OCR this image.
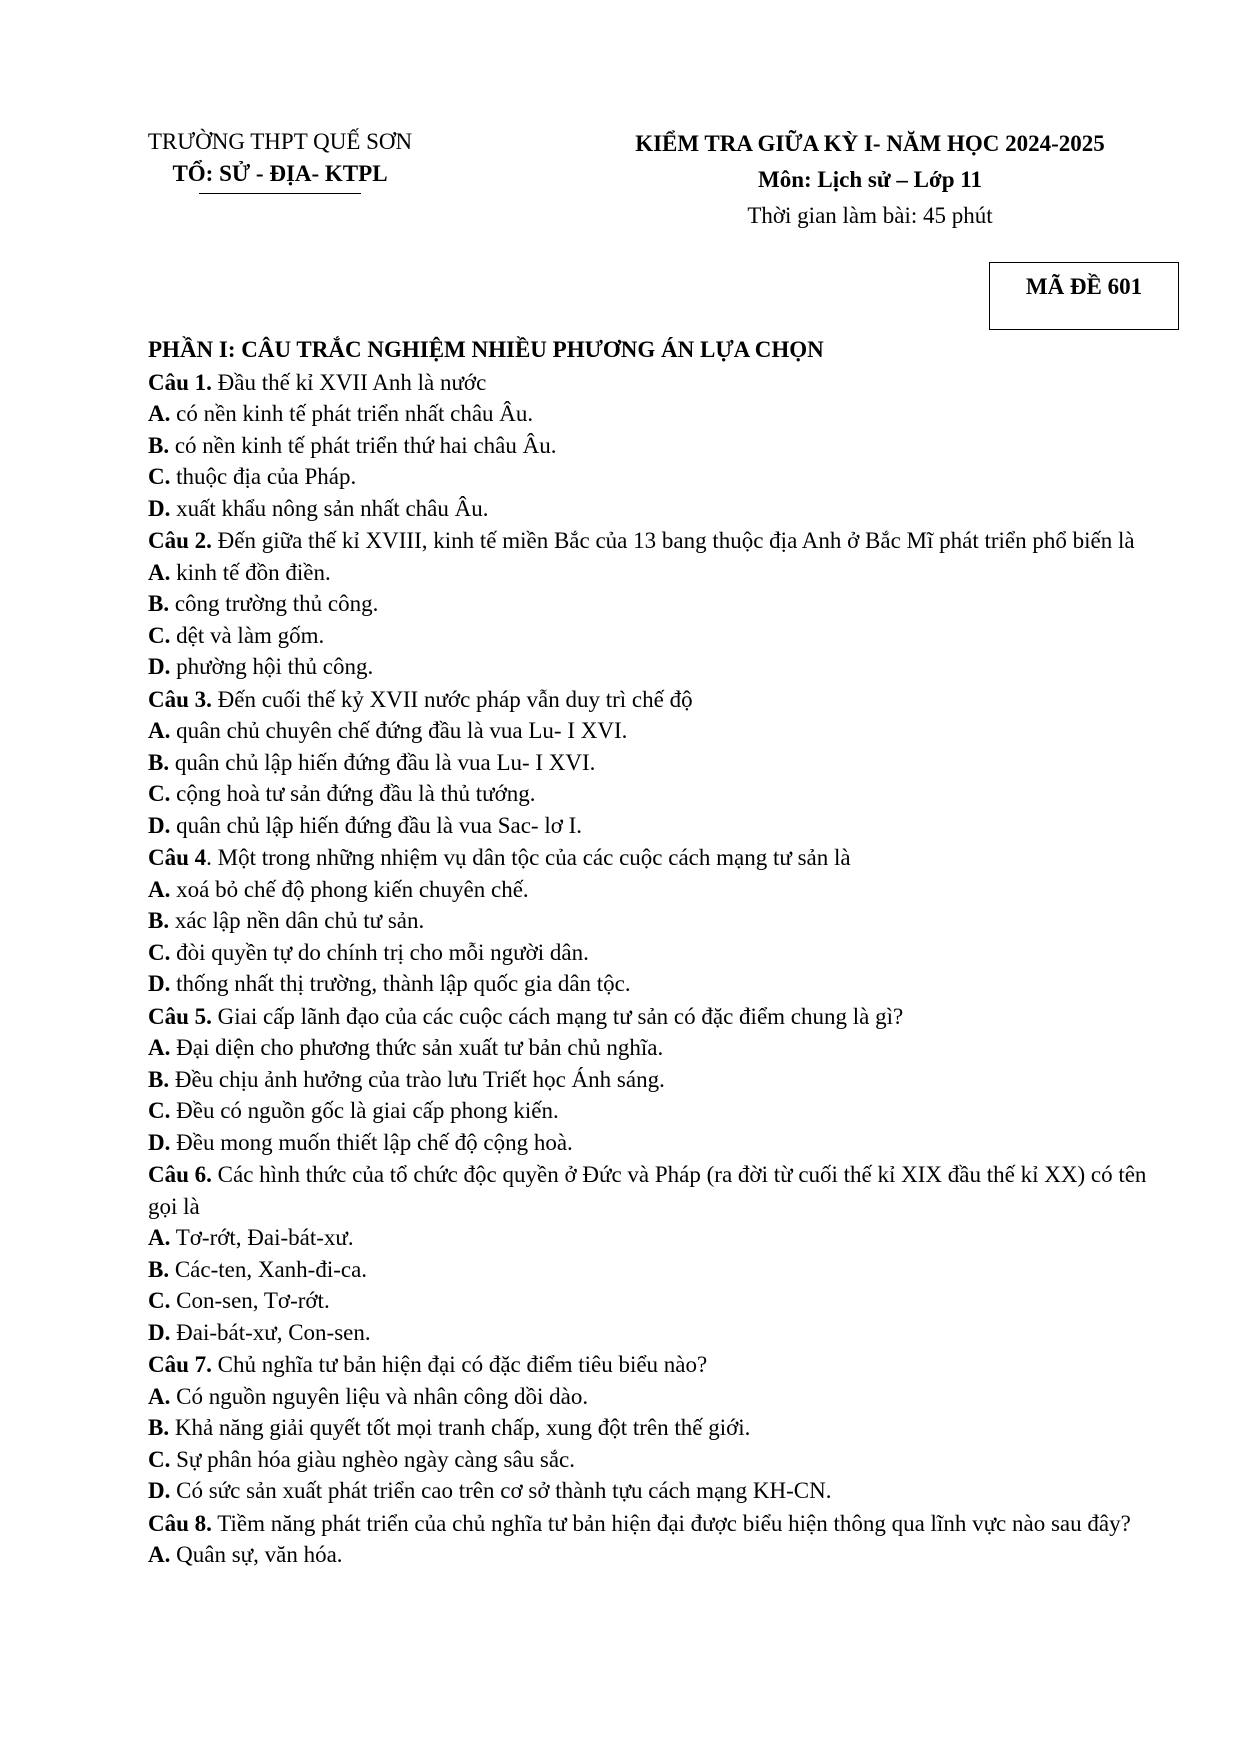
TRƯỜNG THPT QUẾ SƠN
TỔ: SỬ - ĐỊA- KTPL
KIỂM TRA GIỮA KỲ I- NĂM HỌC 2024-2025
Môn: Lịch sử – Lớp 11
Thời gian làm bài: 45 phút
MÃ ĐỀ 601
PHẦN I: CÂU TRẮC NGHIỆM NHIỀU PHƯƠNG ÁN LỰA CHỌN
Câu 1. Đầu thế kỉ XVII Anh là nước
A. có nền kinh tế phát triển nhất châu Âu.
B. có nền kinh tế phát triển thứ hai châu Âu.
C. thuộc địa của Pháp.
D. xuất khẩu nông sản nhất châu Âu.
Câu 2. Đến giữa thế kỉ XVIII, kinh tế miền Bắc của 13 bang thuộc địa Anh ở Bắc Mĩ phát triển phổ biến là
A. kinh tế đồn điền.
B. công trường thủ công.
C. dệt và làm gốm.
D. phường hội thủ công.
Câu 3. Đến cuối thế kỷ XVII nước pháp vẫn duy trì chế độ
A. quân chủ chuyên chế đứng đầu là vua Lu- I XVI.
B. quân chủ lập hiến đứng đầu là vua Lu- I XVI.
C. cộng hoà tư sản đứng đầu là thủ tướng.
D. quân chủ lập hiến đứng đầu là vua Sac- lơ I.
Câu 4. Một trong những nhiệm vụ dân tộc của các cuộc cách mạng tư sản là
A. xoá bỏ chế độ phong kiến chuyên chế.
B. xác lập nền dân chủ tư sản.
C. đòi quyền tự do chính trị cho mỗi người dân.
D. thống nhất thị trường, thành lập quốc gia dân tộc.
Câu 5. Giai cấp lãnh đạo của các cuộc cách mạng tư sản có đặc điểm chung là gì?
A. Đại diện cho phương thức sản xuất tư bản chủ nghĩa.
B. Đều chịu ảnh hưởng của trào lưu Triết học Ánh sáng.
C. Đều có nguồn gốc là giai cấp phong kiến.
D. Đều mong muốn thiết lập chế độ cộng hoà.
Câu 6. Các hình thức của tổ chức độc quyền ở Đức và Pháp (ra đời từ cuối thế kỉ XIX đầu thế kỉ XX) có tên gọi là
A. Tơ-rớt, Đai-bát-xư.
B. Các-ten, Xanh-đi-ca.
C. Con-sen, Tơ-rớt.
D. Đai-bát-xư, Con-sen.
Câu 7. Chủ nghĩa tư bản hiện đại có đặc điểm tiêu biểu nào?
A. Có nguồn nguyên liệu và nhân công dồi dào.
B. Khả năng giải quyết tốt mọi tranh chấp, xung đột trên thế giới.
C. Sự phân hóa giàu nghèo ngày càng sâu sắc.
D. Có sức sản xuất phát triển cao trên cơ sở thành tựu cách mạng KH-CN.
Câu 8. Tiềm năng phát triển của chủ nghĩa tư bản hiện đại được biểu hiện thông qua lĩnh vực nào sau đây?
A. Quân sự, văn hóa.
